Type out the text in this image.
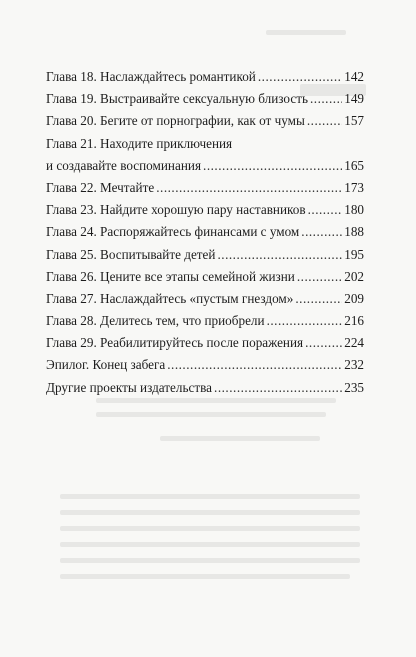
Глава 18. Наслаждайтесь романтикой .....	142
Глава 19. Выстраивайте сексуальную близость .....	149
Глава 20. Бегите от порнографии, как от чумы .....	157
Глава 21. Находите приключения
и создавайте воспоминания .....	165
Глава 22. Мечтайте .....	173
Глава 23. Найдите хорошую пару наставников .....	180
Глава 24. Распоряжайтесь финансами с умом .....	188
Глава 25. Воспитывайте детей .....	195
Глава 26. Цените все этапы семейной жизни .....	202
Глава 27. Наслаждайтесь «пустым гнездом» .....	209
Глава 28. Делитесь тем, что приобрели .....	216
Глава 29. Реабилитируйтесь после поражения .....	224
Эпилог. Конец забега .....	232
Другие проекты издательства .....	235
